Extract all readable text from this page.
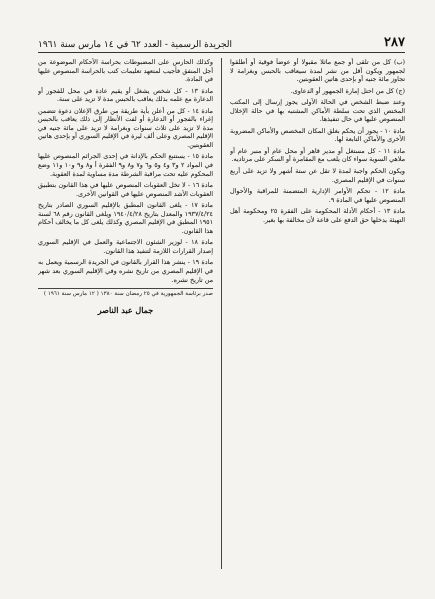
٢٨٧
الجريدة الرسمية - العدد ٦٢ في ١٤ مارس سنة ١٩٦١

(ب) كل من تلقى أو جمع ماثلا مقبولا أو عوضاً فوقية أو أطلقوا لجمهور ويكون أقل من نشر لمدة سيعاقب بالحبس وبغرامة لا تجاوز مائة جنيه أو بإحدى هاتين العقوبتين.

(ج) كل من احتل إمارة الجمهور أو الدعاوى.

وعند ضبط الشخص في الحالة الأولى يجوز إرسال إلى المكتب المختص الذي تحت سلطة الأماكن المشتبه بها في حالة الإخلال المنصوص عليها في حال تنفيذها.

مادة ١٠ - يجوز أن يحكم بغلق المكان المخصص والأماكن المضروبة الأخرى والأماكن التابعة لها.

مادة ١١ - كل مستغل أو مدير قاهر أو محل عام أو منبر عام أو ملاهي السوية سواء كان يلعب مع المقامرة أو السكر على مرتاديه.

ويكون الحكم واجبة لمدة لا تقل عن ستة أشهر ولا تزيد على أربع سنوات في الإقليم المصري.

مادة ١٢ - تحكم الأوامر الإدارية المتضمنة للمراقبة والأحوال المنصوص عليها في المادة ٩.

مادة ١٣ - أحكام الأدلة المحكومة على الفقرة ٢٥ ومحكومة أهل التهيئة يدخلها حق الدفع على قاعة لأن مخالفة بها بغير.

وكذلك الحارس على المضبوطات بحراسة الأحكام الموضوعة من أجل المنفق فأجيب لمتعهد تعليمات كتب بالحراسة المنصوص عليها في المادة.

مادة ١٣ - كل شخص يشغل أو يقيم عادة في محل للفجور أو الدعارة مع علمه بذلك يعاقب بالحبس مدة لا تزيد على سنة.

مادة ١٤ - كل من أعلن بأية طريقة من طرق الإعلان دعوة تتضمن إغراء بالفجور أو الدعارة أو لفت الأنظار إلى ذلك يعاقب بالحبس مدة لا تزيد على ثلاث سنوات وبغرامة لا تزيد على مائة جنيه في الإقليم المصري وعلى ألف ليرة في الإقليم السوري أو بإحدى هاتين العقوبتين.

مادة ١٥ - يستتبع الحكم بالإدانة في إحدى الجرائم المنصوص عليها في المواد ٢ و٣ و٤ و٥ و٦ و٧ و٨ و٩ الفقرة أ و٨ و٩ و١٠ و١١ وضع المحكوم عليه تحت مراقبة الشرطة مدة مساوية لمدة العقوبة.

مادة ١٦ - لا تخل العقوبات المنصوص عليها في هذا القانون بتطبيق العقوبات الأشد المنصوص عليها في القوانين الأخرى.

مادة ١٧ - يلغى القانون المطبق بالإقليم السوري الصادر بتاريخ ١٩٣٧/٤/٢٤ والمعدل بتاريخ ١٩٤٠/٤/٢٨ ويلغى القانون رقم ٦٨ لسنة ١٩٥١ المطبق في الإقليم المصري وكذلك يلغى كل ما يخالف أحكام هذا القانون.

مادة ١٨ - لوزير الشئون الاجتماعية والعمل في الإقليم السوري إصدار القرارات اللازمة لتنفيذ هذا القانون.

مادة ١٩ - ينشر هذا القرار بالقانون في الجريدة الرسمية ويعمل به في الإقليم المصري من تاريخ نشره وفي الإقليم السوري بعد شهر من تاريخ نشره.

صدر برئاسة الجمهورية في ٢٥ رمضان سنة ١٣٨٠ ( ١٢ مارس سنة ١٩٦١ )
جمال عبد الناصر
